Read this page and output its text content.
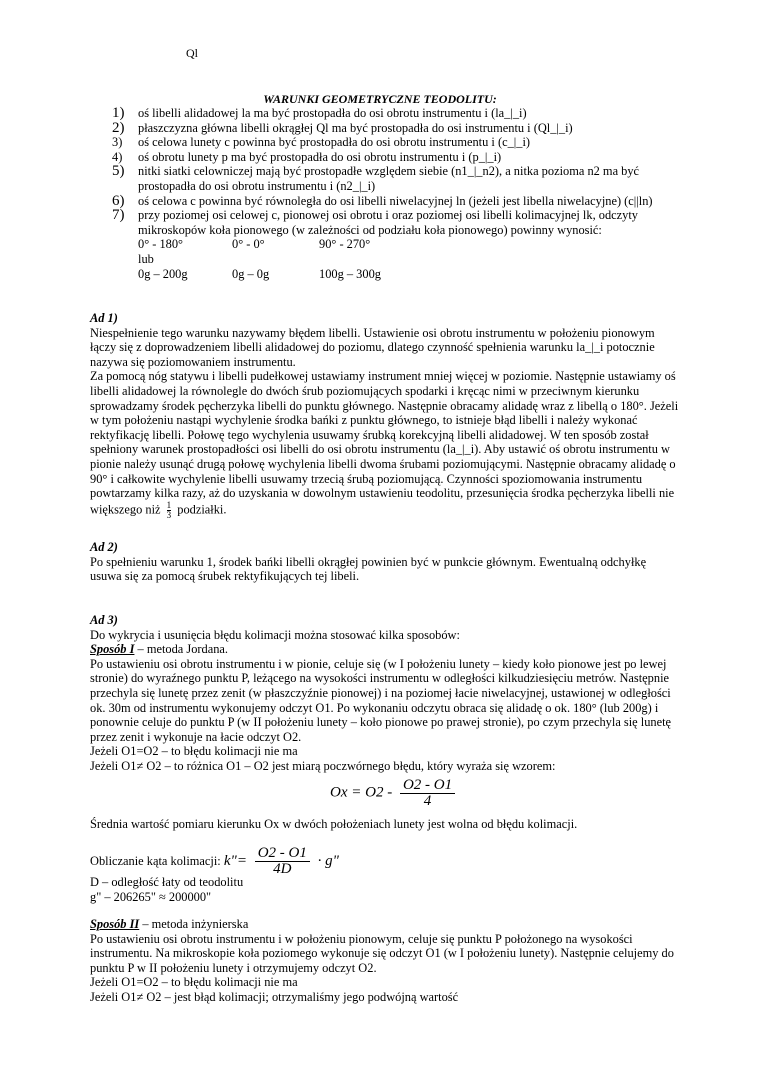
Ql
WARUNKI GEOMETRYCZNE TEODOLITU:
1) oś libelli alidadowej la ma być prostopadła do osi obrotu instrumentu i (la_|_i)
2) płaszczyzna główna libelli okrągłej Ql ma być prostopadła do osi instrumentu i (Ql_|_i)
3) oś celowa lunety c powinna być prostopadła do osi obrotu instrumentu i (c_|_i)
4) oś obrotu lunety p ma być prostopadła do osi obrotu instrumentu i (p_|_i)
5) nitki siatki celowniczej mają być prostopadłe względem siebie (n1_|_n2), a nitka pozioma n2 ma być prostopadła do osi obrotu instrumentu i (n2_|_i)
6) oś celowa c powinna być równoległa do osi libelli niwelacyjnej ln (jeżeli jest libella niwelacyjne) (c||ln)
7) przy poziomej osi celowej c, pionowej osi obrotu i oraz poziomej osi libelli kolimacyjnej lk, odczyty mikroskopów koła pionowego (w zależności od podziału koła pionowego) powinny wynosić:
0° - 180°	0° - 0°	90° - 270°
lub
0g – 200g	0g – 0g	100g – 300g
Ad 1)
Niespełnienie tego warunku nazywamy błędem libelli. Ustawienie osi obrotu instrumentu w położeniu pionowym łączy się z doprowadzeniem libelli alidadowej do poziomu, dlatego czynność spełnienia warunku la_|_i potocznie nazywa się poziomowaniem instrumentu.
Za pomocą nóg statywu i libelli pudełkowej ustawiamy instrument mniej więcej w poziomie. Następnie ustawiamy oś libelli alidadowej la równolegle do dwóch śrub poziomujących spodarki i kręcąc nimi w przeciwnym kierunku sprowadzamy środek pęcherzyka libelli do punktu głównego. Następnie obracamy alidadę wraz z libellą o 180°. Jeżeli w tym położeniu nastąpi wychylenie środka bańki z punktu głównego, to istnieje błąd libelli i należy wykonać rektyfikację libelli. Połowę tego wychylenia usuwamy śrubką korekcyjną libelli alidadowej. W ten sposób został spełniony warunek prostopadłości osi libelli do osi obrotu instrumentu (la_|_i). Aby ustawić oś obrotu instrumentu w pionie należy usunąć drugą połowę wychylenia libelli dwoma śrubami poziomującymi. Następnie obracamy alidadę o 90° i całkowite wychylenie libelli usuwamy trzecią śrubą poziomującą. Czynności spoziomowania instrumentu powtarzamy kilka razy, aż do uzyskania w dowolnym ustawieniu teodolitu, przesunięcia środka pęcherzyka libelli nie większego niż $\frac{1}{3}$ podziałki.
Ad 2)
Po spełnieniu warunku 1, środek bańki libelli okrągłej powinien być w punkcie głównym. Ewentualną odchyłkę usuwa się za pomocą śrubek rektyfikujących tej libeli.
Ad 3)
Do wykrycia i usunięcia błędu kolimacji można stosować kilka sposobów:
Sposób I – metoda Jordana.
Po ustawieniu osi obrotu instrumentu i w pionie, celuje się (w I położeniu lunety – kiedy koło pionowe jest po lewej stronie) do wyraźnego punktu P, leżącego na wysokości instrumentu w odległości kilkudziesięciu metrów. Następnie przechyla się lunetę przez zenit (w płaszczyźnie pionowej) i na poziomej łacie niwelacyjnej, ustawionej w odległości ok. 30m od instrumentu wykonujemy odczyt O1. Po wykonaniu odczytu obraca się alidadę o ok. 180° (lub 200g) i ponownie celuje do punktu P (w II położeniu lunety – koło pionowe po prawej stronie), po czym przechyla się lunetę przez zenit i wykonuje na łacie odczyt O2.
Jeżeli O1=O2 – to błędu kolimacji nie ma
Jeżeli O1≠ O2 – to różnica O1 – O2 jest miarą poczwórnego błędu, który wyraża się wzorem:
$Ox = O2 - \frac{O2 - O1}{4}$
Średnia wartość pomiaru kierunku Ox w dwóch położeniach lunety jest wolna od błędu kolimacji.
Obliczanie kąta kolimacji: k"= $\frac{O2 - O1}{4D} \cdot g$"
D – odległość łaty od teodolitu
g" – 206265" ≈ 200000"
Sposób II – metoda inżynierska
Po ustawieniu osi obrotu instrumentu i w położeniu pionowym, celuje się punktu P położonego na wysokości instrumentu. Na mikroskopie koła poziomego wykonuje się odczyt O1 (w I położeniu lunety). Następnie celujemy do punktu P w II położeniu lunety i otrzymujemy odczyt O2.
Jeżeli O1=O2 – to błędu kolimacji nie ma
Jeżeli O1≠ O2 – jest błąd kolimacji; otrzymaliśmy jego podwójną wartość
